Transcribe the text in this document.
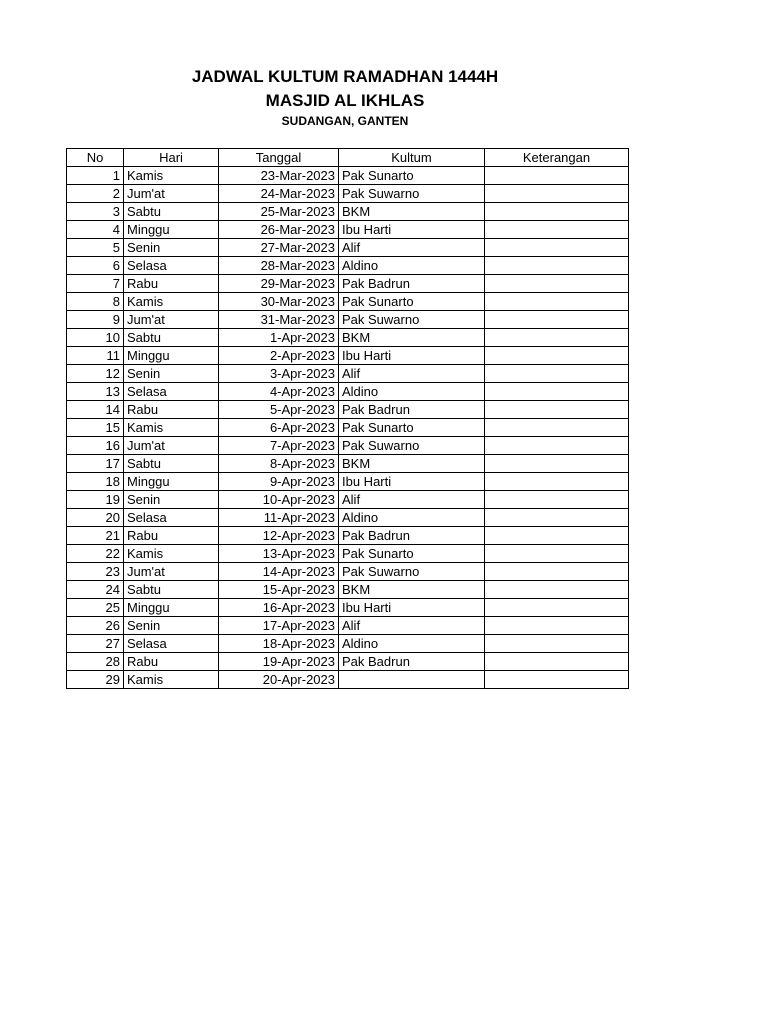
JADWAL KULTUM RAMADHAN 1444H
MASJID AL IKHLAS
SUDANGAN, GANTEN
No	Hari	Tanggal	Kultum	Keterangan
1	Kamis	23-Mar-2023	Pak Sunarto	
2	Jum'at	24-Mar-2023	Pak Suwarno	
3	Sabtu	25-Mar-2023	BKM	
4	Minggu	26-Mar-2023	Ibu Harti	
5	Senin	27-Mar-2023	Alif	
6	Selasa	28-Mar-2023	Aldino	
7	Rabu	29-Mar-2023	Pak Badrun	
8	Kamis	30-Mar-2023	Pak Sunarto	
9	Jum'at	31-Mar-2023	Pak Suwarno	
10	Sabtu	1-Apr-2023	BKM	
11	Minggu	2-Apr-2023	Ibu Harti	
12	Senin	3-Apr-2023	Alif	
13	Selasa	4-Apr-2023	Aldino	
14	Rabu	5-Apr-2023	Pak Badrun	
15	Kamis	6-Apr-2023	Pak Sunarto	
16	Jum'at	7-Apr-2023	Pak Suwarno	
17	Sabtu	8-Apr-2023	BKM	
18	Minggu	9-Apr-2023	Ibu Harti	
19	Senin	10-Apr-2023	Alif	
20	Selasa	11-Apr-2023	Aldino	
21	Rabu	12-Apr-2023	Pak Badrun	
22	Kamis	13-Apr-2023	Pak Sunarto	
23	Jum'at	14-Apr-2023	Pak Suwarno	
24	Sabtu	15-Apr-2023	BKM	
25	Minggu	16-Apr-2023	Ibu Harti	
26	Senin	17-Apr-2023	Alif	
27	Selasa	18-Apr-2023	Aldino	
28	Rabu	19-Apr-2023	Pak Badrun	
29	Kamis	20-Apr-2023		
